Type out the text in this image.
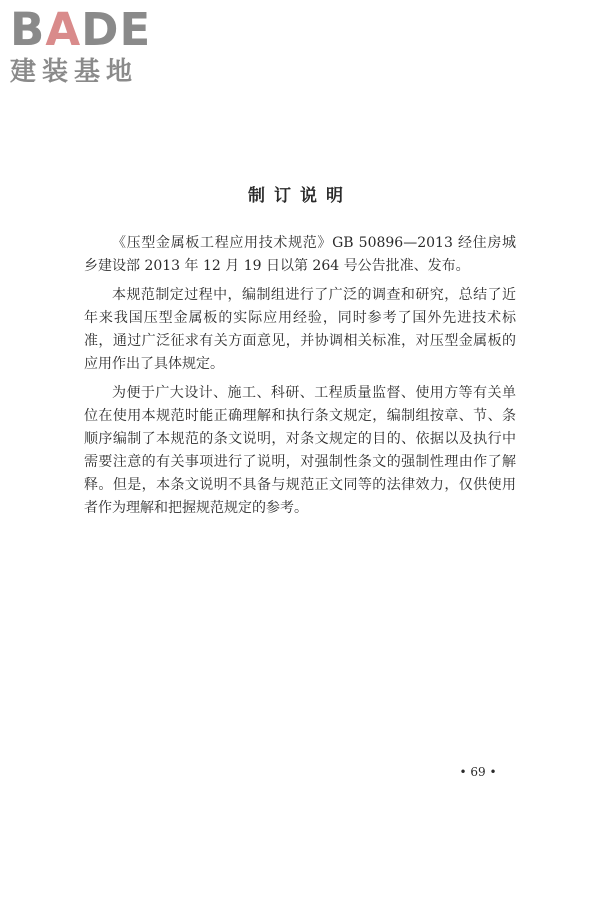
BADE
建装基地
制订说明

《压型金属板工程应用技术规范》GB 50896—2013 经住房城乡建设部 2013 年 12 月 19 日以第 264 号公告批准、发布。

本规范制定过程中，编制组进行了广泛的调查和研究，总结了近年来我国压型金属板的实际应用经验，同时参考了国外先进技术标准，通过广泛征求有关方面意见，并协调相关标准，对压型金属板的应用作出了具体规定。

为便于广大设计、施工、科研、工程质量监督、使用方等有关单位在使用本规范时能正确理解和执行条文规定，编制组按章、节、条顺序编制了本规范的条文说明，对条文规定的目的、依据以及执行中需要注意的有关事项进行了说明，对强制性条文的强制性理由作了解释。但是，本条文说明不具备与规范正文同等的法律效力，仅供使用者作为理解和把握规范规定的参考。

• 69 •
